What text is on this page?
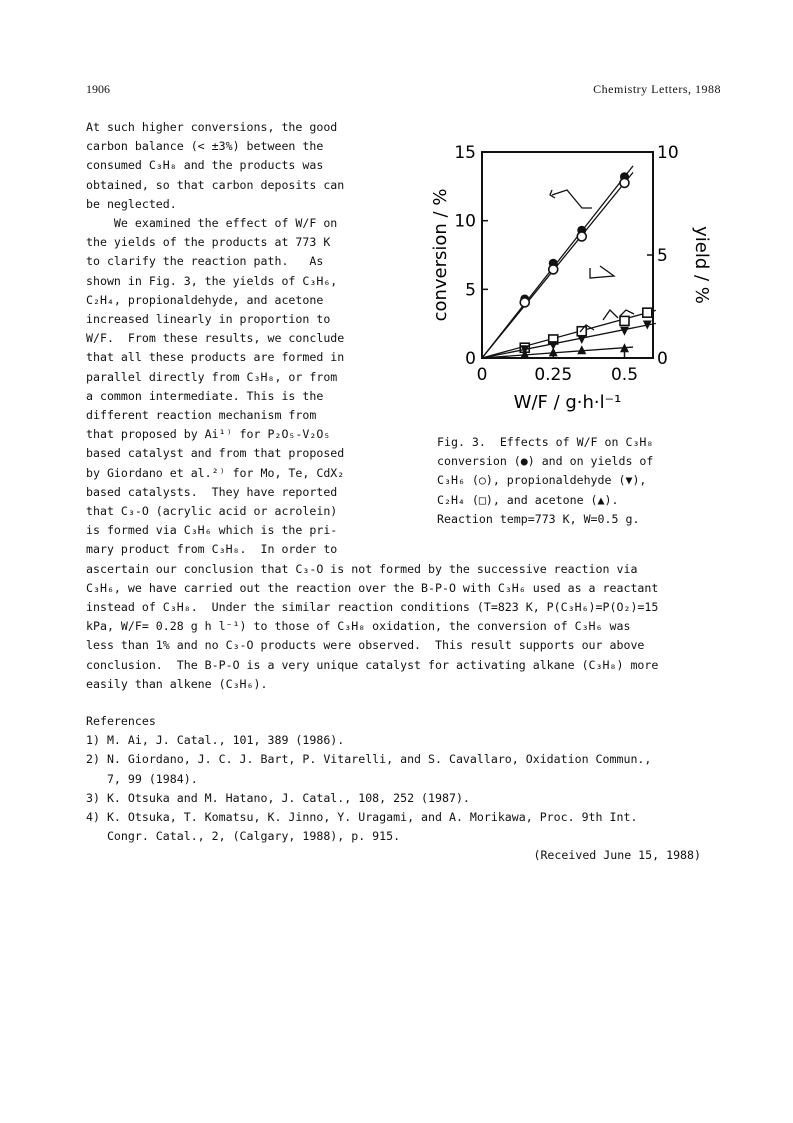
1906	Chemistry Letters, 1988
At such higher conversions, the good
carbon balance (< ±3%) between the
consumed C₃H₈ and the products was
obtained, so that carbon deposits can
be neglected.
We examined the effect of W/F on
the yields of the products at 773 K
to clarify the reaction path.   As
shown in Fig. 3, the yields of C₃H₆,
C₂H₄, propionaldehyde, and acetone
increased linearly in proportion to
W/F.  From these results, we conclude
that all these products are formed in
parallel directly from C₃H₈, or from
a common intermediate. This is the
different reaction mechanism from
that proposed by Ai¹⁾ for P₂O₅-V₂O₅
based catalyst and from that proposed
by Giordano et al.²⁾ for Mo, Te, CdX₂
based catalysts.  They have reported
that C₃-O (acrylic acid or acrolein)
is formed via C₃H₆ which is the pri-
mary product from C₃H₈.  In order to
ascertain our conclusion that C₃-O is not formed by the successive reaction via
C₃H₆, we have carried out the reaction over the B-P-O with C₃H₆ used as a reactant
instead of C₃H₈.  Under the similar reaction conditions (T=823 K, P(C₃H₆)=P(O₂)=15
kPa, W/F= 0.28 g h l⁻¹) to those of C₃H₈ oxidation, the conversion of C₃H₆ was
less than 1% and no C₃-O products were observed.  This result supports our above
conclusion.  The B-P-O is a very unique catalyst for activating alkane (C₃H₈) more
easily than alkene (C₃H₆).
0	0.25 0.5
0
5
10
15
0
5
10
W/F / g·h·l⁻¹
conversion / %	yield / %
Fig. 3.  Effects of W/F on C₃H₈
conversion (●) and on yields of
C₃H₆ (○), propionaldehyde (▼),
C₂H₄ (□), and acetone (▲).
Reaction temp=773 K, W=0.5 g.
References
1) M. Ai, J. Catal., 101, 389 (1986).
2) N. Giordano, J. C. J. Bart, P. Vitarelli, and S. Cavallaro, Oxidation Commun.,
7, 99 (1984).
3) K. Otsuka and M. Hatano, J. Catal., 108, 252 (1987).
4) K. Otsuka, T. Komatsu, K. Jinno, Y. Uragami, and A. Morikawa, Proc. 9th Int.
Congr. Catal., 2, (Calgary, 1988), p. 915.
(Received June 15, 1988)
